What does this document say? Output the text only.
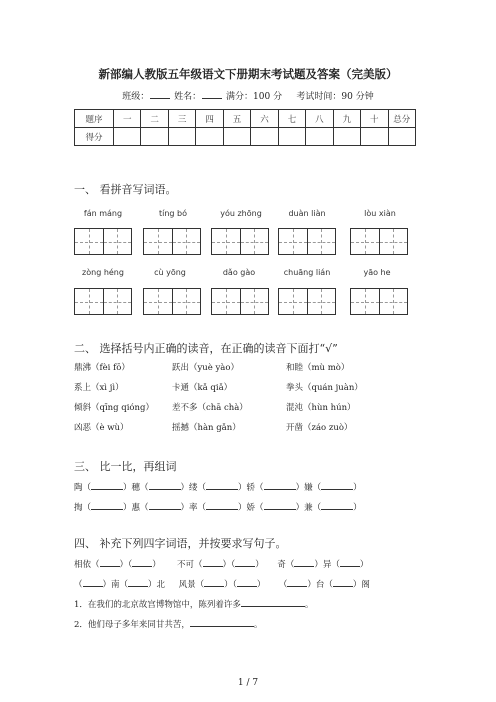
新部编人教版五年级语文下册期末考试题及答案（完美版）
班级：	姓名：	满分：100 分 考试时间：90 分钟
题序	一	二	三	四	五	六	七	八	九	十	总分
得分											
一、 看拼音写词语。
fán máng	tíng bó	yóu zhōng	duàn liàn	lòu xiàn
zòng héng	cù yōng	dǎo gào	chuāng lián	yāo he
二、 选择括号内正确的读音，在正确的读音下面打“√”
鼎沸（fèi fō）	跃出（yuè yào）	和睦（mù mò）
系上（xì jì）	卡通（kǎ qiǎ）	拳头（quán juàn）
倾斜（qīng qióng） 差不多（chā chà）	混沌（hùn hún）
凶恶（è wù）	摇撼（hàn gǎn）	开凿（záo zuò）
三、 比一比，再组词
陶（	）穗（	）缕（	）轿（	）嫌（	）
掏（	）惠（	）率（	）娇（	）兼（	）
四、 补充下列四字词语，并按要求写句子。
相依（ ）（ ） 不可（ ）（ ） 奇（ ）异（ ）
（ ）南（ ）北 风景（ ）（ ） （ ）台（ ）阁
1．在我们的北京故宫博物馆中，陈列着许多	。
2．他们母子多年来同甘共苦，	。
1 / 7
